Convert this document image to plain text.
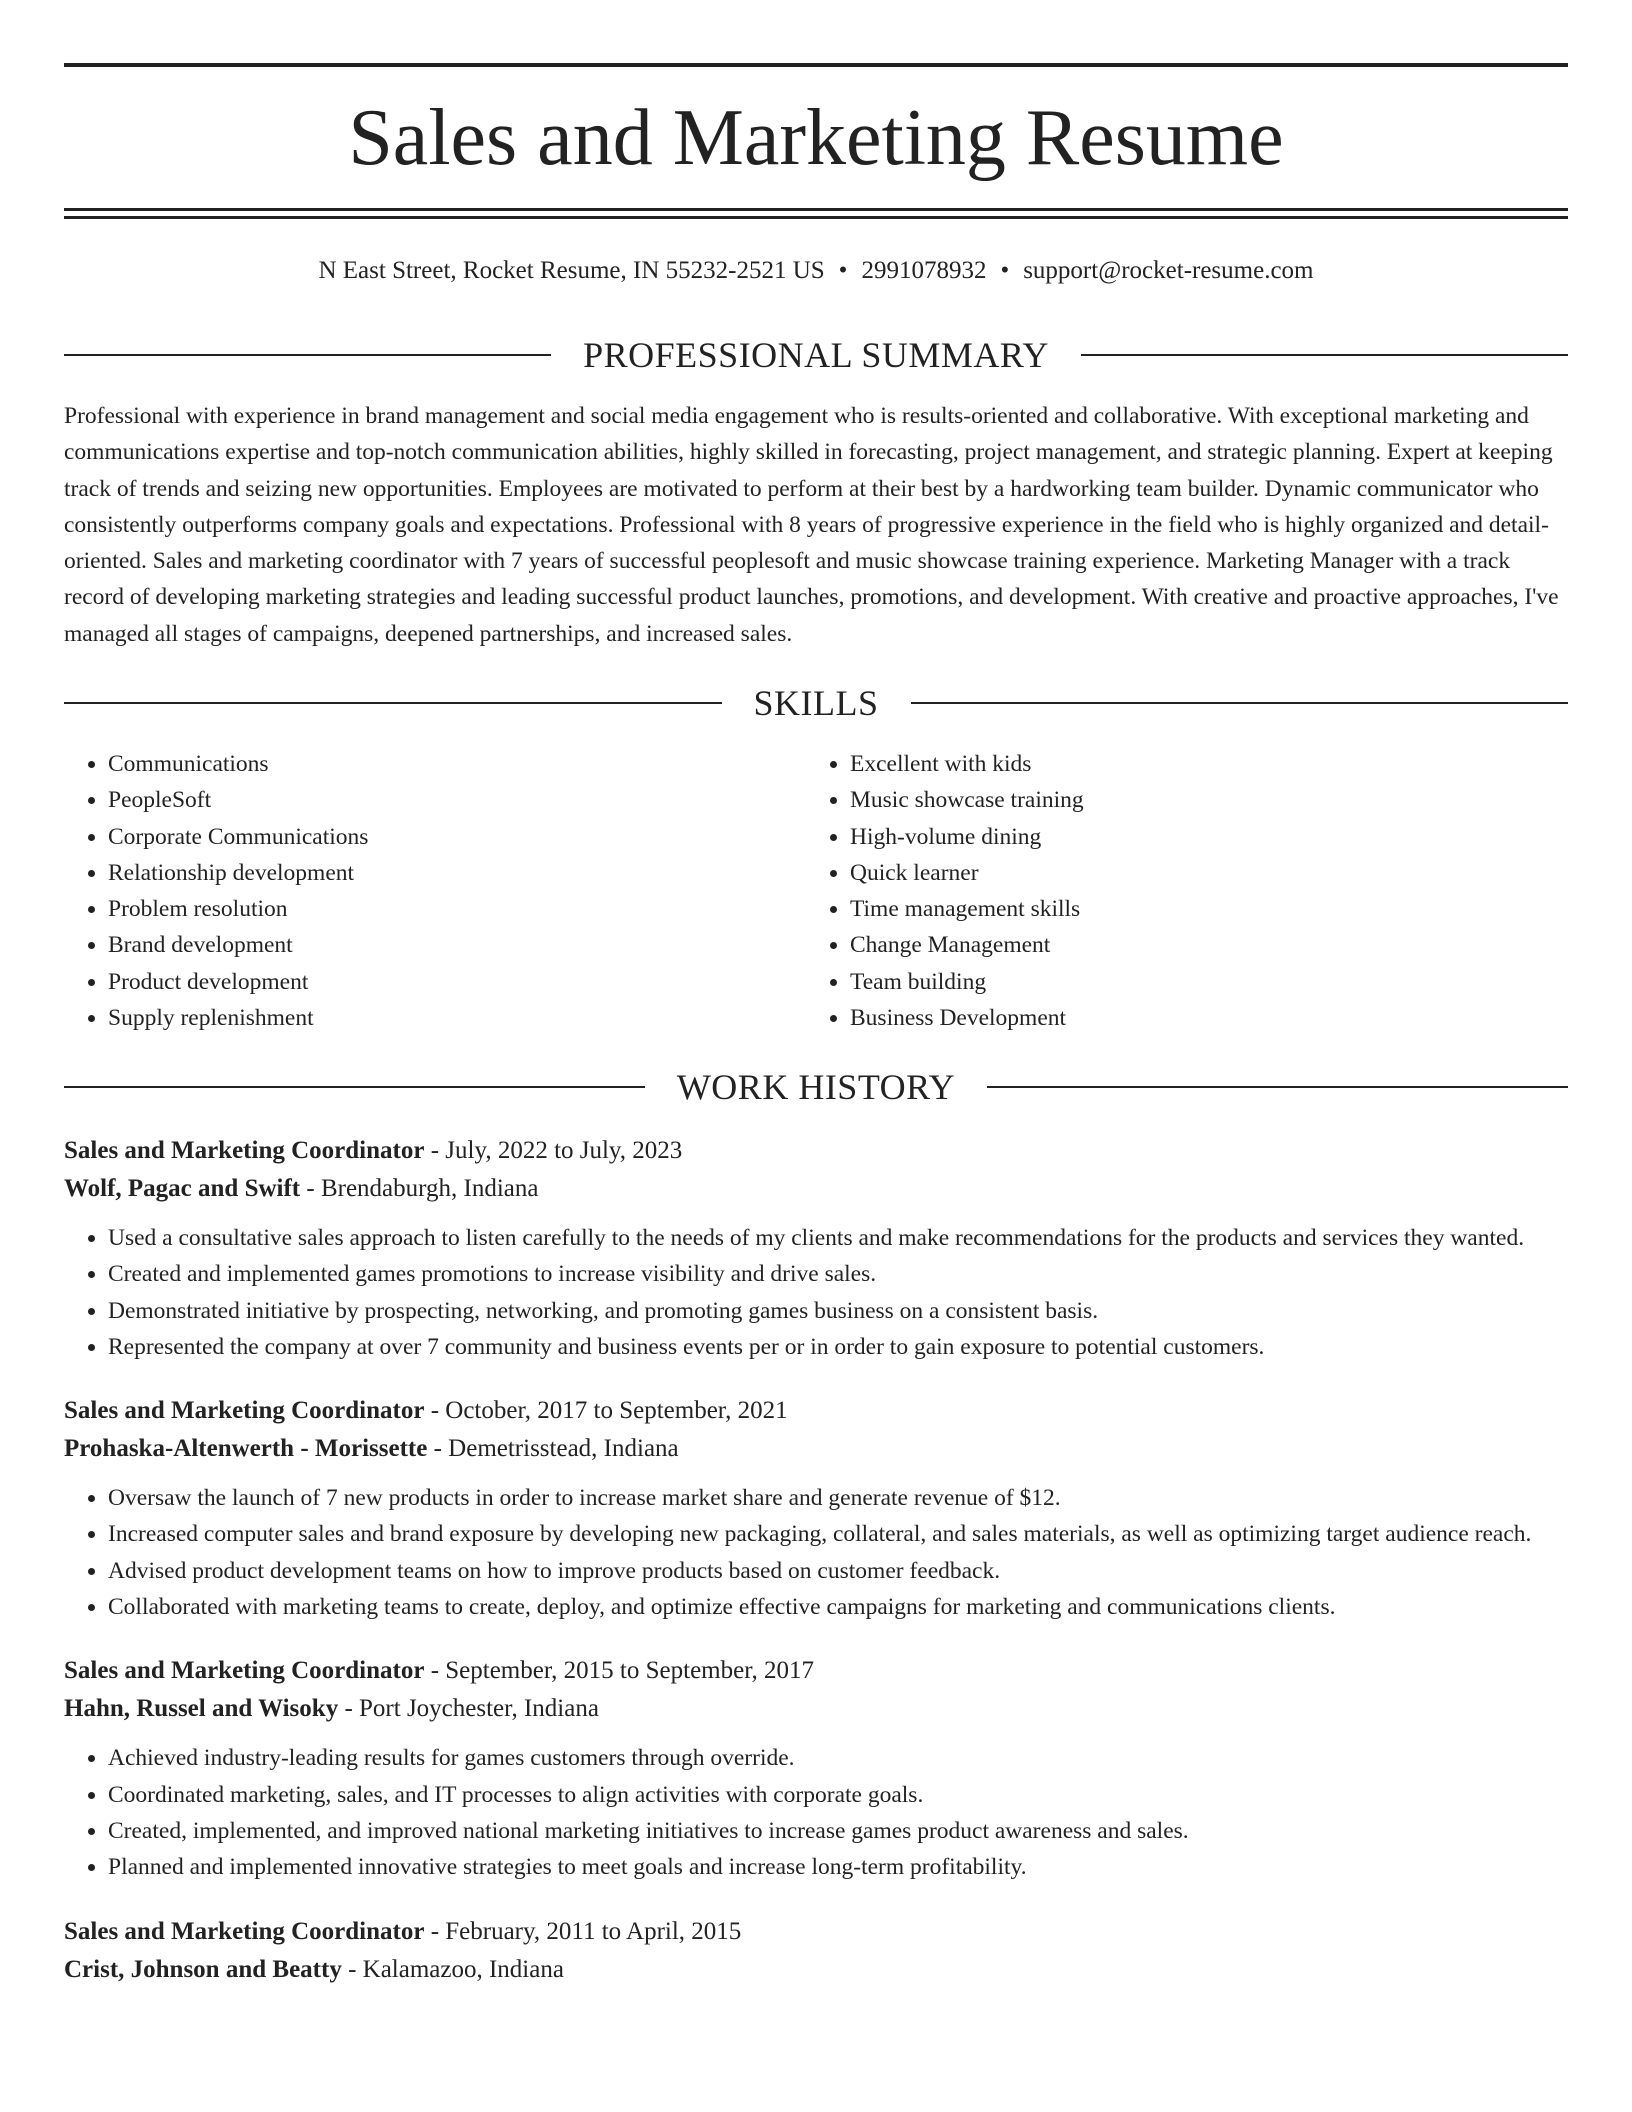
Sales and Marketing Resume
N East Street, Rocket Resume, IN 55232-2521 US • 2991078932 • support@rocket-resume.com
PROFESSIONAL SUMMARY

Professional with experience in brand management and social media engagement who is results-oriented and collaborative. With exceptional marketing and communications expertise and top-notch communication abilities, highly skilled in forecasting, project management, and strategic planning. Expert at keeping track of trends and seizing new opportunities. Employees are motivated to perform at their best by a hardworking team builder. Dynamic communicator who consistently outperforms company goals and expectations. Professional with 8 years of progressive experience in the field who is highly organized and detail-oriented. Sales and marketing coordinator with 7 years of successful peoplesoft and music showcase training experience. Marketing Manager with a track record of developing marketing strategies and leading successful product launches, promotions, and development. With creative and proactive approaches, I've managed all stages of campaigns, deepened partnerships, and increased sales.

SKILLS
• Communications
• PeopleSoft
• Corporate Communications
• Relationship development
• Problem resolution
• Brand development
• Product development
• Supply replenishment
• Excellent with kids
• Music showcase training
• High-volume dining
• Quick learner
• Time management skills
• Change Management
• Team building
• Business Development
WORK HISTORY
Sales and Marketing Coordinator - July, 2022 to July, 2023
Wolf, Pagac and Swift - Brendaburgh, Indiana
• Used a consultative sales approach to listen carefully to the needs of my clients and make recommendations for the products and services they wanted.
• Created and implemented games promotions to increase visibility and drive sales.
• Demonstrated initiative by prospecting, networking, and promoting games business on a consistent basis.
• Represented the company at over 7 community and business events per or in order to gain exposure to potential customers.
Sales and Marketing Coordinator - October, 2017 to September, 2021
Prohaska-Altenwerth - Morissette - Demetrisstead, Indiana
• Oversaw the launch of 7 new products in order to increase market share and generate revenue of $12.
• Increased computer sales and brand exposure by developing new packaging, collateral, and sales materials, as well as optimizing target audience reach.
• Advised product development teams on how to improve products based on customer feedback.
• Collaborated with marketing teams to create, deploy, and optimize effective campaigns for marketing and communications clients.
Sales and Marketing Coordinator - September, 2015 to September, 2017
Hahn, Russel and Wisoky - Port Joychester, Indiana
• Achieved industry-leading results for games customers through override.
• Coordinated marketing, sales, and IT processes to align activities with corporate goals.
• Created, implemented, and improved national marketing initiatives to increase games product awareness and sales.
• Planned and implemented innovative strategies to meet goals and increase long-term profitability.
Sales and Marketing Coordinator - February, 2011 to April, 2015
Crist, Johnson and Beatty - Kalamazoo, Indiana
